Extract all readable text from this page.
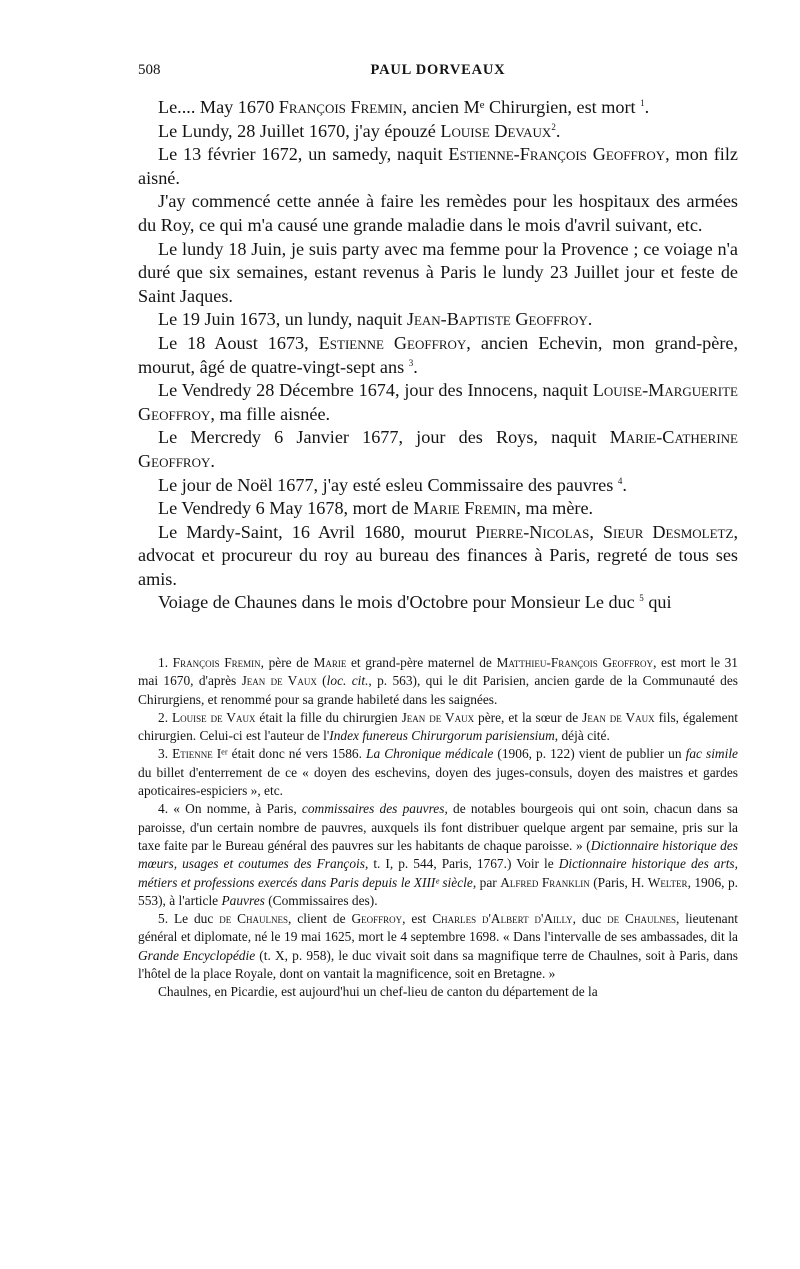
508	PAUL DORVEAUX

Le.... May 1670 François Fremin, ancien Mᵉ Chirurgien, est mort $^1$.

Le Lundy, 28 Juillet 1670, j'ay épouzé Louise Devaux$^2$.

Le 13 février 1672, un samedy, naquit Estienne-François Geoffroy, mon filz aisné.

J'ay commencé cette année à faire les remèdes pour les hospitaux des armées du Roy, ce qui m'a causé une grande maladie dans le mois d'avril suivant, etc.

Le lundy 18 Juin, je suis party avec ma femme pour la Provence ; ce voiage n'a duré que six semaines, estant revenus à Paris le lundy 23 Juillet jour et feste de Saint Jaques.

Le 19 Juin 1673, un lundy, naquit Jean-Baptiste Geoffroy.

Le 18 Aoust 1673, Estienne Geoffroy, ancien Echevin, mon grand-père, mourut, âgé de quatre-vingt-sept ans $^3$.

Le Vendredy 28 Décembre 1674, jour des Innocens, naquit Louise-Marguerite Geoffroy, ma fille aisnée.

Le Mercredy 6 Janvier 1677, jour des Roys, naquit Marie-Catherine Geoffroy.

Le jour de Noël 1677, j'ay esté esleu Commissaire des pauvres $^4$.

Le Vendredy 6 May 1678, mort de Marie Fremin, ma mère.

Le Mardy-Saint, 16 Avril 1680, mourut Pierre-Nicolas, Sieur Desmoletz, advocat et procureur du roy au bureau des finances à Paris, regreté de tous ses amis.

Voiage de Chaunes dans le mois d'Octobre pour Monsieur Le duc $^5$ qui

1. François Fremin, père de Marie et grand-père maternel de Matthieu-François Geoffroy, est mort le 31 mai 1670, d'après Jean de Vaux (loc. cit., p. 563), qui le dit Parisien, ancien garde de la Communauté des Chirurgiens, et renommé pour sa grande habileté dans les saignées.

2. Louise de Vaux était la fille du chirurgien Jean de Vaux père, et la sœur de Jean de Vaux fils, également chirurgien. Celui-ci est l'auteur de l'Index funereus Chirurgorum parisiensium, déjà cité.

3. Etienne Iᵉʳ était donc né vers 1586. La Chronique médicale (1906, p. 122) vient de publier un fac simile du billet d'enterrement de ce « doyen des eschevins, doyen des juges-consuls, doyen des maistres et gardes apoticaires-espiciers », etc.

4. « On nomme, à Paris, commissaires des pauvres, de notables bourgeois qui ont soin, chacun dans sa paroisse, d'un certain nombre de pauvres, auxquels ils font distribuer quelque argent par semaine, pris sur la taxe faite par le Bureau général des pauvres sur les habitants de chaque paroisse. » (Dictionnaire historique des mœurs, usages et coutumes des François, t. I, p. 544, Paris, 1767.) Voir le Dictionnaire historique des arts, métiers et professions exercés dans Paris depuis le XIIIᵉ siècle, par Alfred Franklin (Paris, H. Welter, 1906, p. 553), à l'article Pauvres (Commissaires des).

5. Le duc de Chaulnes, client de Geoffroy, est Charles d'Albert d'Ailly, duc de Chaulnes, lieutenant général et diplomate, né le 19 mai 1625, mort le 4 septembre 1698. « Dans l'intervalle de ses ambassades, dit la Grande Encyclopédie (t. X, p. 958), le duc vivait soit dans sa magnifique terre de Chaulnes, soit à Paris, dans l'hôtel de la place Royale, dont on vantait la magnificence, soit en Bretagne. »

Chaulnes, en Picardie, est aujourd'hui un chef-lieu de canton du département de la
